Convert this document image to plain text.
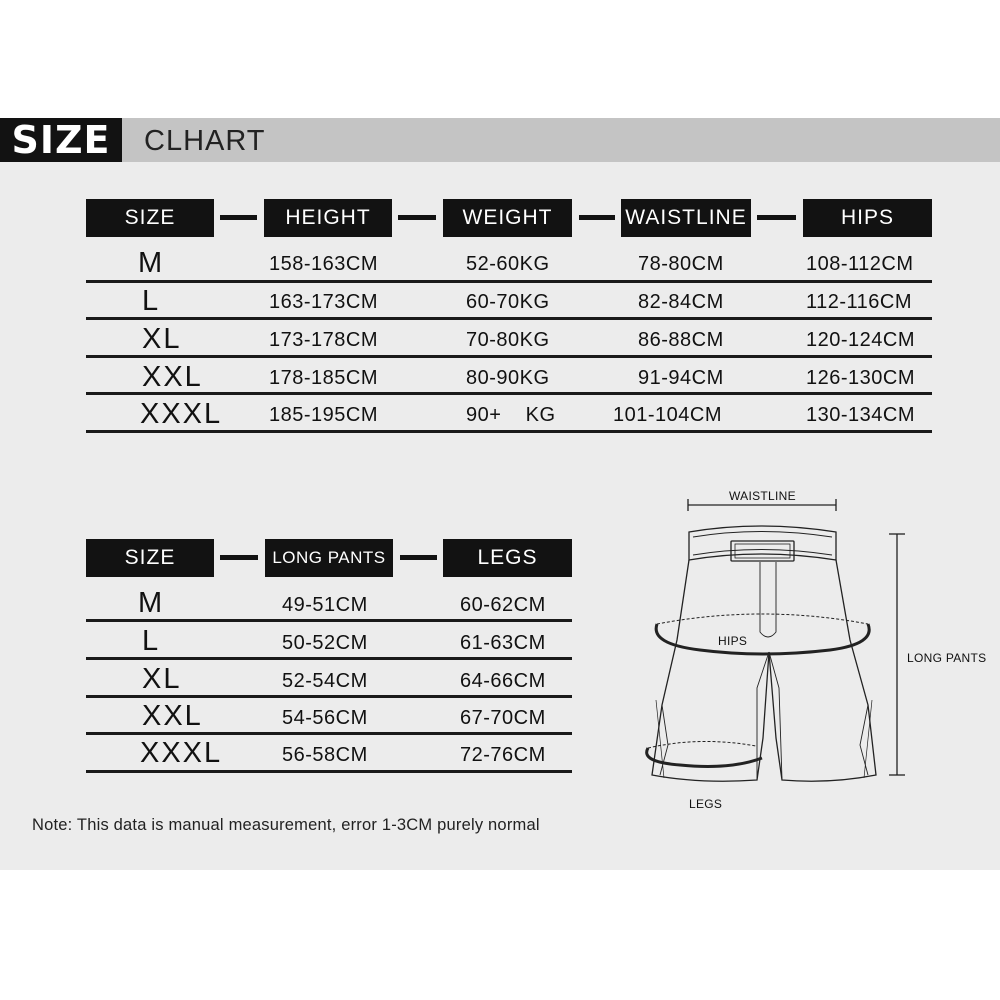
SIZE	CLHART
SIZE	HEIGHT	WEIGHT	WAISTLINE	HIPS
M	158-163CM	52-60KG	78-80CM	108-112CM
L	163-173CM	60-70KG	82-84CM	112-116CM
XL	173-178CM	70-80KG	86-88CM	120-124CM
XXL	178-185CM	80-90KG	91-94CM	126-130CM
XXXL 185-195CM	90+    KG	101-104CM	130-134CM
SIZE	LONG PANTS	LEGS
M	49-51CM	60-62CM
L	50-52CM	61-63CM
XL	52-54CM	64-66CM
XXL	54-56CM	67-70CM
XXXL	56-58CM	72-76CM
Note: This data is manual measurement, error 1-3CM purely normal
WAISTLINE
HIPS
LONG PANTS
LEGS
